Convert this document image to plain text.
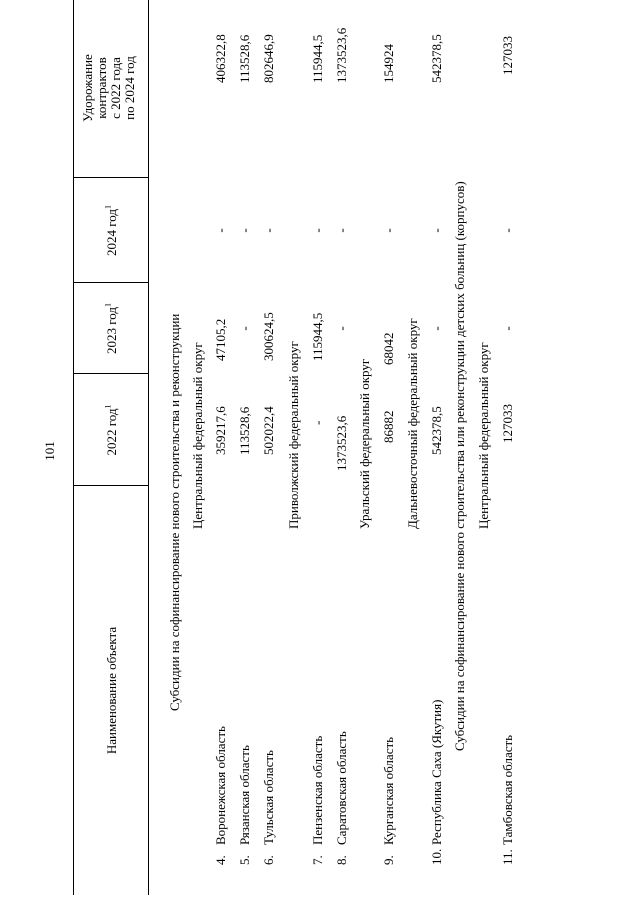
101
Наименование объекта
2022 год$^1$
2023 год$^1$
2024 год$^1$
Удорожание контрактов с 2022 года по 2024 год
Субсидии на софинансирование нового строительства и реконструкции Центральный федеральный округ
4.
Воронежская область
359217,6
47105,2
-
406322,8
5.
Рязанская область
113528,6
-
-
113528,6
6.
Тульская область
502022,4
300624,5
-
802646,9
Приволжский федеральный округ
7.
Пензенская область
-
115944,5
-
115944,5
8.
Саратовская область
1373523,6
-
-
1373523,6
Уральский федеральный округ
9.
Курганская область
86882
68042
-
154924
Дальневосточный федеральный округ
10.
Республика Саха (Якутия)
542378,5
-
-
542378,5
Субсидии на софинансирование нового строительства или реконструкции детских больниц (корпусов) Центральный федеральный округ
11.
Тамбовская область
127033
-
-
127033
